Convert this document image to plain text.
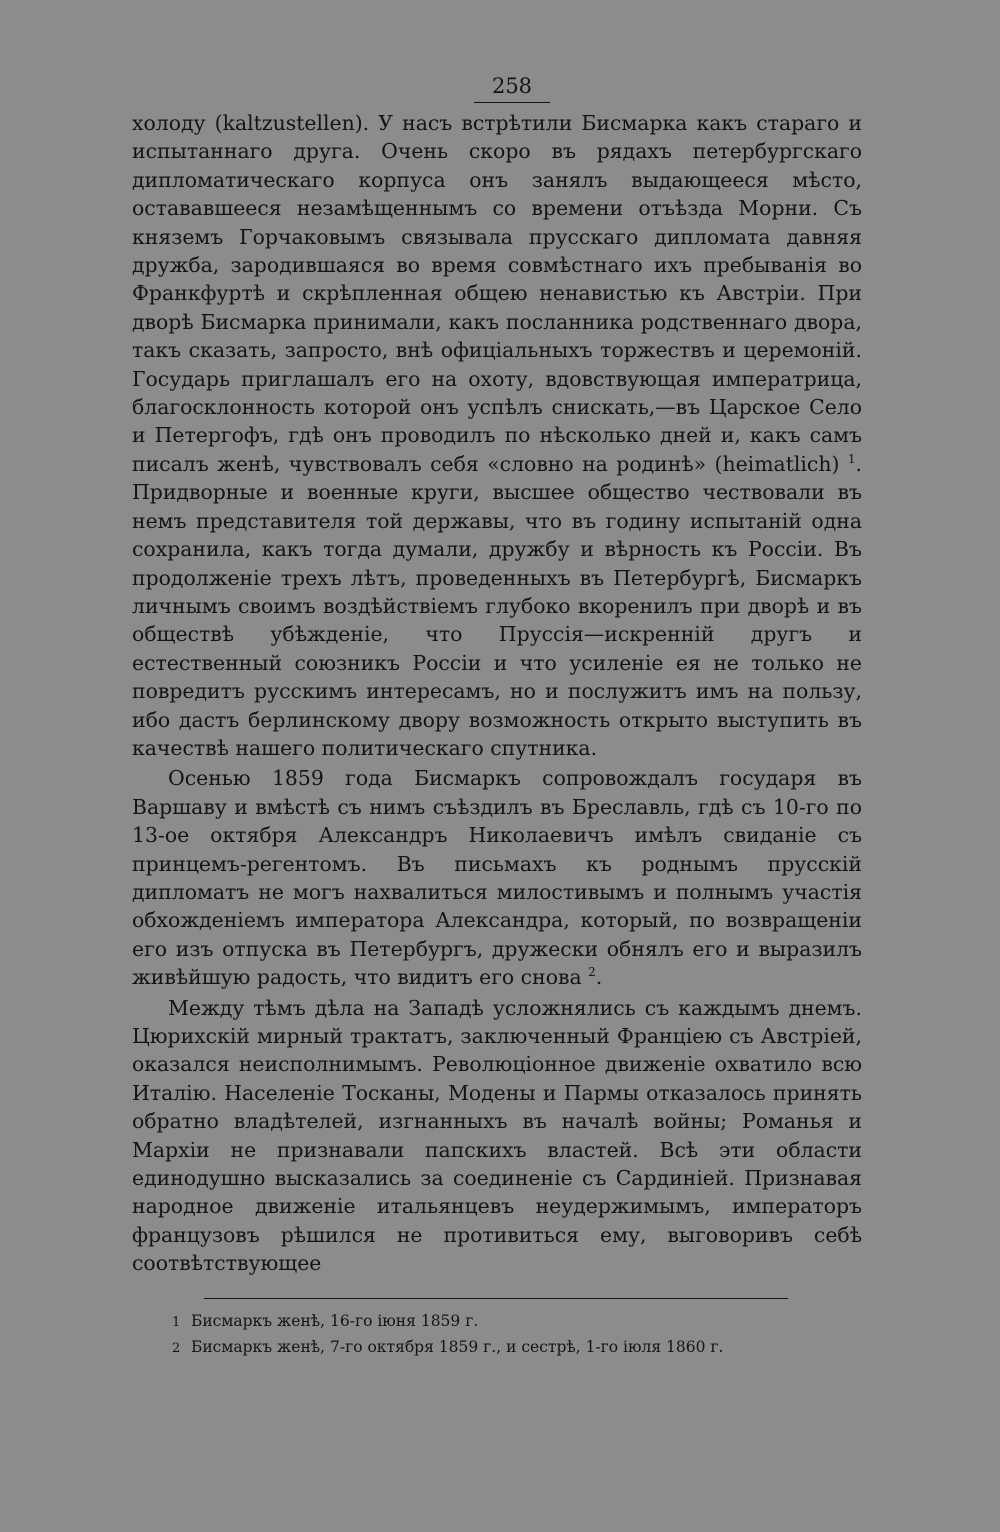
258

холоду (kaltzustellen). У насъ встрѣтили Бисмарка какъ стараго и испытаннаго друга. Очень скоро въ рядахъ петербургскаго дипломатическаго корпуса онъ занялъ выдающееся мѣсто, остававшееся незамѣщеннымъ со времени отъѣзда Морни. Съ княземъ Горчаковымъ связывала прусскаго дипломата давняя дружба, зародившаяся во время совмѣстнаго ихъ пребыванія во Франкфуртѣ и скрѣпленная общею ненавистью къ Австріи. При дворѣ Бисмарка принимали, какъ посланника родственнаго двора, такъ сказать, запросто, внѣ офиціальныхъ торжествъ и церемоній. Государь приглашалъ его на охоту, вдовствующая императрица, благосклонность которой онъ успѣлъ снискать,—въ Царское Село и Петергофъ, гдѣ онъ проводилъ по нѣсколько дней и, какъ самъ писалъ женѣ, чувствовалъ себя «словно на родинѣ» (heimatlich) $^1$. Придворные и военные круги, высшее общество чествовали въ немъ представителя той державы, что въ годину испытаній одна сохранила, какъ тогда думали, дружбу и вѣрность къ Россіи. Въ продолженіе трехъ лѣтъ, проведенныхъ въ Петербургѣ, Бисмаркъ личнымъ своимъ воздѣйствіемъ глубоко вкоренилъ при дворѣ и въ обществѣ убѣжденіе, что Пруссія—искренній другъ и естественный союзникъ Россіи и что усиленіе ея не только не повредитъ русскимъ интересамъ, но и послужитъ имъ на пользу, ибо дастъ берлинскому двору возможность открыто выступить въ качествѣ нашего политическаго спутника.

Осенью 1859 года Бисмаркъ сопровождалъ государя въ Варшаву и вмѣстѣ съ нимъ съѣздилъ въ Бреславль, гдѣ съ 10-го по 13-ое октября Александръ Николаевичъ имѣлъ свиданіе съ принцемъ-регентомъ. Въ письмахъ къ роднымъ прусскій дипломатъ не могъ нахвалиться милостивымъ и полнымъ участія обхожденіемъ императора Александра, который, по возвращеніи его изъ отпуска въ Петербургъ, дружески обнялъ его и выразилъ живѣйшую радость, что видитъ его снова $^2$.

Между тѣмъ дѣла на Западѣ усложнялись съ каждымъ днемъ. Цюрихскій мирный трактатъ, заключенный Франціею съ Австріей, оказался неисполнимымъ. Революціонное движеніе охватило всю Италію. Населеніе Тосканы, Модены и Пармы отказалось принять обратно владѣтелей, изгнанныхъ въ началѣ войны; Романья и Мархіи не признавали папскихъ властей. Всѣ эти области единодушно высказались за соединеніе съ Сардиніей. Признавая народное движеніе итальянцевъ неудержимымъ, императоръ французовъ рѣшился не противиться ему, выговоривъ себѣ соотвѣтствующее

1 Бисмаркъ женѣ, 16-го іюня 1859 г.
2 Бисмаркъ женѣ, 7-го октября 1859 г., и сестрѣ, 1-го іюля 1860 г.
